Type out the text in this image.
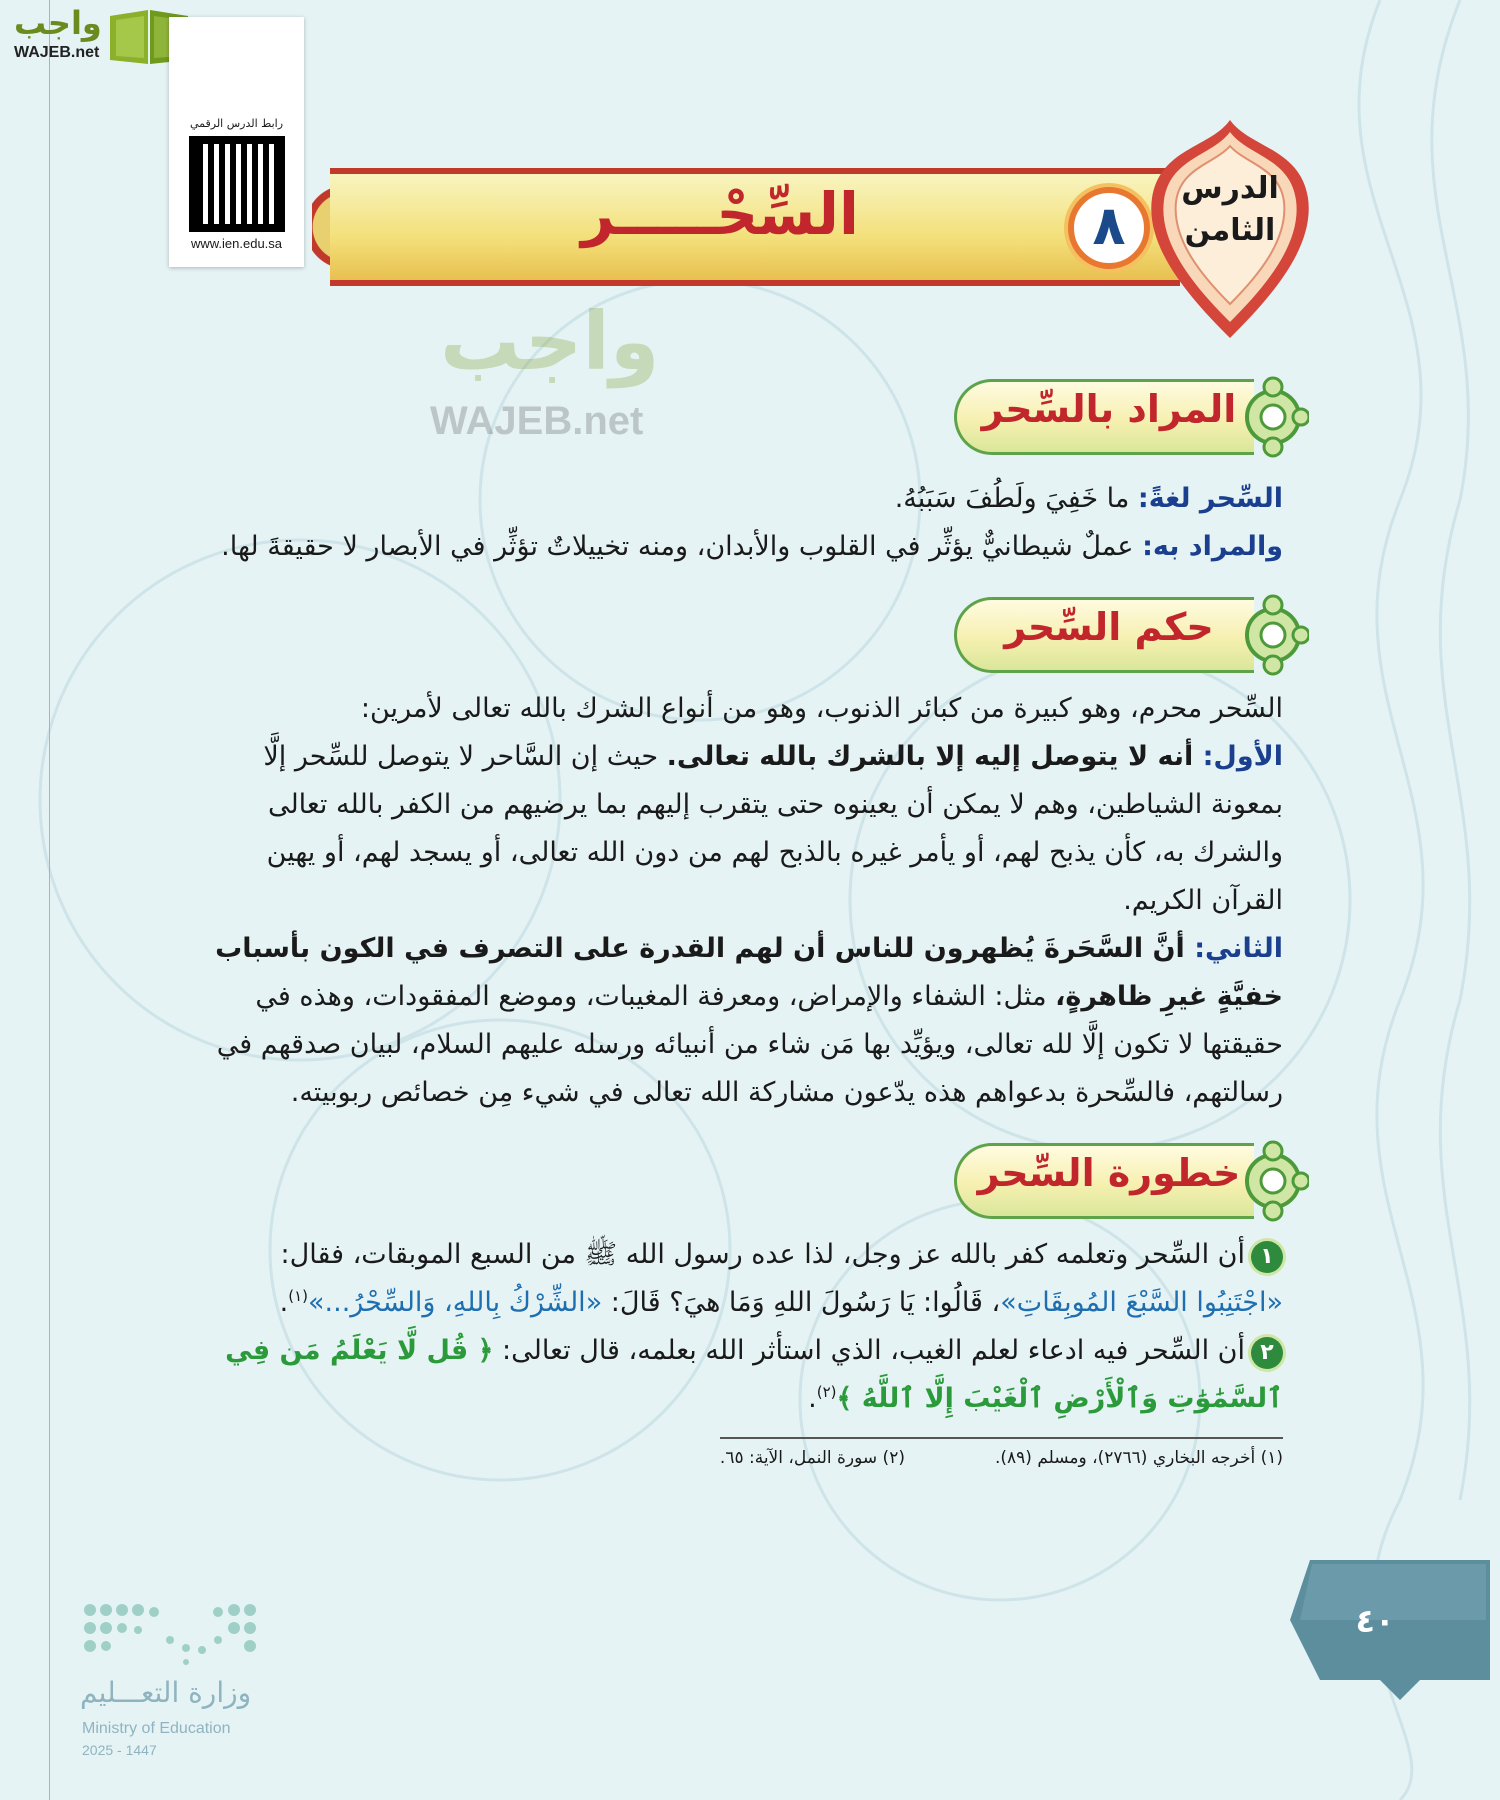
واجب
WAJEB.net
رابط الدرس الرقمي
www.ien.edu.sa	السِّحْـــــر	٨
الدرس
الثامن
واجب
WAJEB.net	المراد بالسِّحر
السِّحر لغةً: ما خَفِيَ ولَطُفَ سَبَبُهُ.
والمراد به: عملٌ شيطانيٌّ يؤثِّر في القلوب والأبدان، ومنه تخييلاتٌ تؤثِّر في الأبصار لا حقيقةَ لها.
حكم السِّحر
السِّحر محرم، وهو كبيرة من كبائر الذنوب، وهو من أنواع الشرك بالله تعالى لأمرين:
الأول: أنه لا يتوصل إليه إلا بالشرك بالله تعالى. حيث إن السَّاحر لا يتوصل للسِّحر إلَّا بمعونة الشياطين، وهم لا يمكن أن يعينوه حتى يتقرب إليهم بما يرضيهم من الكفر بالله تعالى والشرك به، كأن يذبح لهم، أو يأمر غيره بالذبح لهم من دون الله تعالى، أو يسجد لهم، أو يهين القرآن الكريم.
الثاني: أنَّ السَّحَرةَ يُظهرون للناس أن لهم القدرة على التصرف في الكون بأسباب خفيَّةٍ غيرِ ظاهرةٍ، مثل: الشفاء والإمراض، ومعرفة المغيبات، وموضع المفقودات، وهذه في حقيقتها لا تكون إلَّا لله تعالى، ويؤيِّد بها مَن شاء من أنبيائه ورسله عليهم السلام، لبيان صدقهم في رسالتهم، فالسِّحرة بدعواهم هذه يدّعون مشاركة الله تعالى في شيء مِن خصائص ربوبيته.
خطورة السِّحر
١أن السِّحر وتعلمه كفر بالله عز وجل، لذا عده رسول الله ﷺ من السبع الموبقات، فقال: «اجْتَنِبُوا السَّبْعَ المُوبِقَاتِ»، قَالُوا: يَا رَسُولَ اللهِ وَمَا هيَ؟ قَالَ: «الشِّرْكُ بِاللهِ، وَالسِّحْرُ...»$^{(١)}$.
٢أن السِّحر فيه ادعاء لعلم الغيب، الذي استأثر الله بعلمه، قال تعالى: ﴿ قُل لَّا يَعْلَمُ مَن فِي ٱلسَّمَٰوَٰتِ وَٱلْأَرْضِ ٱلْغَيْبَ إِلَّا ٱللَّهُ ﴾$^{(٢)}$.
(١) أخرجه البخاري (٢٧٦٦)، ومسلم (٨٩).
(٢) سورة النمل، الآية: ٦٥.
٤٠
وزارة التعـــليم
Ministry of Education
2025 - 1447
